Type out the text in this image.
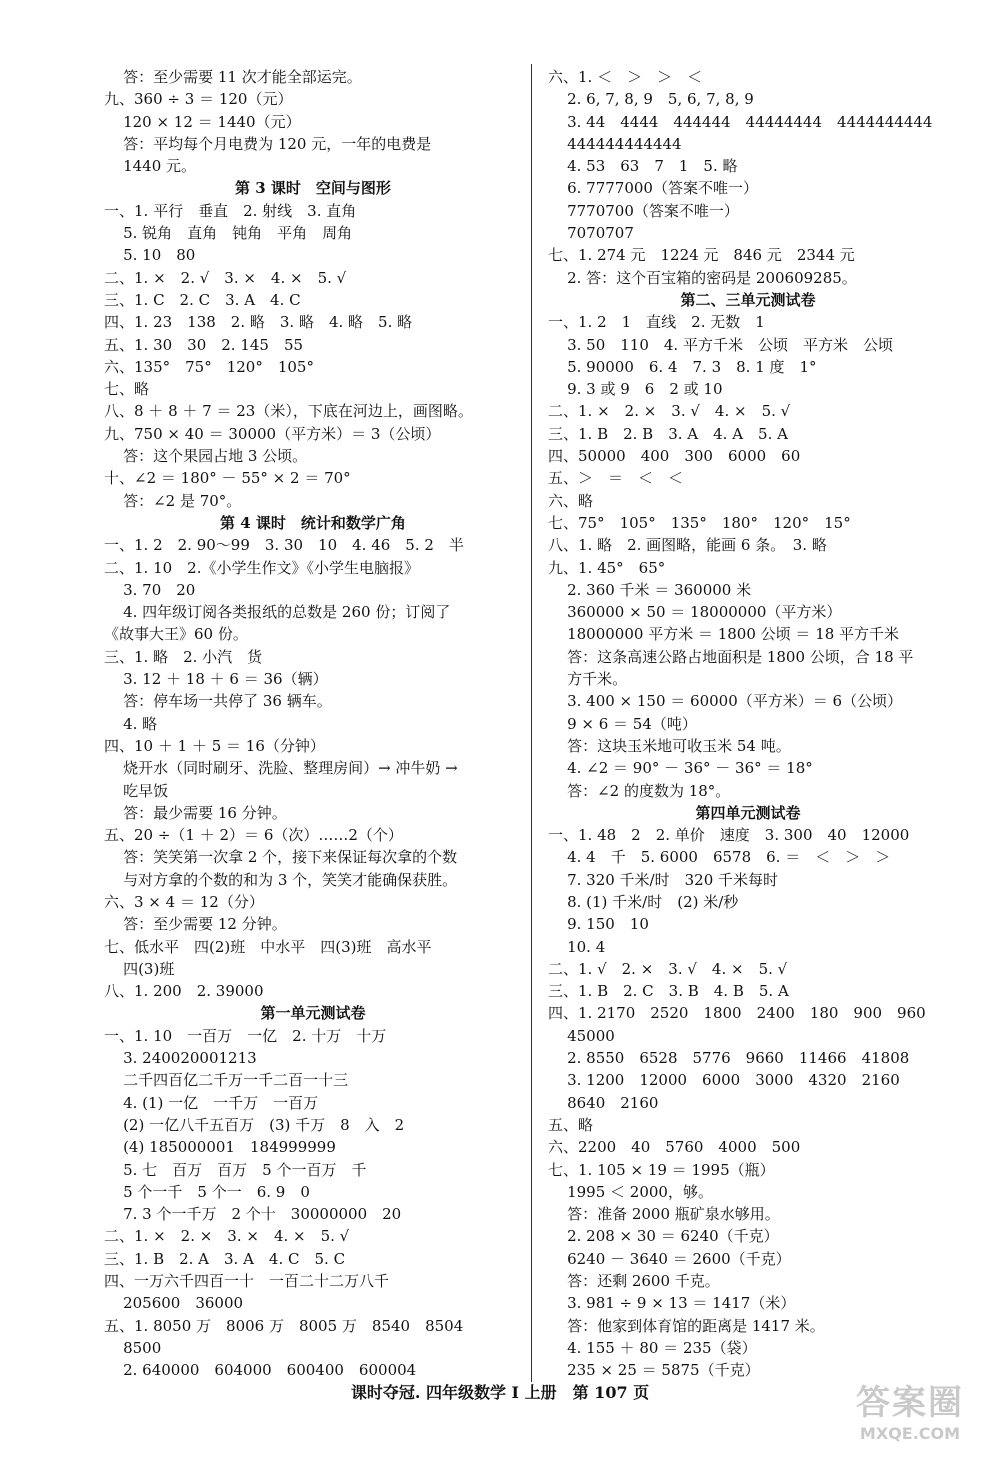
答：至少需要 11 次才能全部运完。
九、360 ÷ 3 ＝ 120（元）
120 × 12 ＝ 1440（元）
答：平均每个月电费为 120 元，一年的电费是
1440 元。
第 3 课时　空间与图形
一、1. 平行　垂直　2. 射线　3. 直角
5. 锐角　直角　钝角　平角　周角
5. 10　80
二、1. ×　2. √　3. ×　4. ×　5. √
三、1. C　2. C　3. A　4. C
四、1. 23　138　2. 略　3. 略　4. 略　5. 略
五、1. 30　30　2. 145　55
六、135°　75°　120°　105°
七、略
八、8 ＋ 8 ＋ 7 ＝ 23（米），下底在河边上，画图略。
九、750 × 40 ＝ 30000（平方米）＝ 3（公顷）
答：这个果园占地 3 公顷。
十、∠2 ＝ 180° － 55° × 2 ＝ 70°
答：∠2 是 70°。
第 4 课时　统计和数学广角
一、1. 2　2. 90～99　3. 30　10　4. 46　5. 2　半
二、1. 10　2.《小学生作文》《小学生电脑报》
3. 70　20
4. 四年级订阅各类报纸的总数是 260 份；订阅了
《故事大王》60 份。
三、1. 略　2. 小汽　货
3. 12 ＋ 18 ＋ 6 ＝ 36（辆）
答：停车场一共停了 36 辆车。
4. 略
四、10 ＋ 1 ＋ 5 ＝ 16（分钟）
烧开水（同时刷牙、洗脸、整理房间）→ 冲牛奶 →
吃早饭
答：最少需要 16 分钟。
五、20 ÷（1 ＋ 2）＝ 6（次）……2（个）
答：笑笑第一次拿 2 个，接下来保证每次拿的个数
与对方拿的个数的和为 3 个，笑笑才能确保获胜。
六、3 × 4 ＝ 12（分）
答：至少需要 12 分钟。
七、低水平　四(2)班　中水平　四(3)班　高水平
四(3)班
八、1. 200　2. 39000
第一单元测试卷
一、1. 10　一百万　一亿　2. 十万　十万
3. 240020001213
二千四百亿二千万一千二百一十三
4. (1) 一亿　一千万　一百万
(2) 一亿八千五百万　(3) 千万　8　入　2
(4) 185000001　184999999
5. 七　百万　百万　5 个一百万　千
5 个一千　5 个一　6. 9　0
7. 3 个一千万　2 个十　30000000　20
二、1. ×　2. ×　3. ×　4. ×　5. √
三、1. B　2. A　3. A　4. C　5. C
四、一万六千四百一十　一百二十二万八千
205600　36000
五、1. 8050 万　8006 万　8005 万　8540　8504
8500
2. 640000　604000　600400　600004
六、1. ＜　＞　＞　＜
2. 6, 7, 8, 9　5, 6, 7, 8, 9
3. 44　4444　444444　44444444　4444444444
444444444444
4. 53　63　7　1　5. 略
6. 7777000（答案不唯一）
7770700（答案不唯一）
7070707
七、1. 274 元　1224 元　846 元　2344 元
2. 答：这个百宝箱的密码是 200609285。
第二、三单元测试卷
一、1. 2　1　直线　2. 无数　1
3. 50　110　4. 平方千米　公顷　平方米　公顷
5. 90000　6. 4　7. 3　8. 1 度　1°
9. 3 或 9　6　2 或 10
二、1. ×　2. ×　3. √　4. ×　5. √
三、1. B　2. B　3. A　4. A　5. A
四、50000　400　300　6000　60
五、＞　＝　＜　＜
六、略
七、75°　105°　135°　180°　120°　15°
八、1. 略　2. 画图略，能画 6 条。　3. 略
九、1. 45°　65°
2. 360 千米 ＝ 360000 米
360000 × 50 ＝ 18000000（平方米）
18000000 平方米 ＝ 1800 公顷 ＝ 18 平方千米
答：这条高速公路占地面积是 1800 公顷，合 18 平
方千米。
3. 400 × 150 ＝ 60000（平方米）＝ 6（公顷）
9 × 6 ＝ 54（吨）
答：这块玉米地可收玉米 54 吨。
4. ∠2 ＝ 90° － 36° － 36° ＝ 18°
答：∠2 的度数为 18°。
第四单元测试卷
一、1. 48　2　2. 单价　速度　3. 300　40　12000
4. 4　千　5. 6000　6578　6. ＝　＜　＞　＞
7. 320 千米/时　320 千米每时
8. (1) 千米/时　(2) 米/秒
9. 150　10
10. 4
二、1. √　2. ×　3. √　4. ×　5. √
三、1. B　2. C　3. B　4. B　5. A
四、1. 2170　2520　1800　2400　180　900　960
45000
2. 8550　6528　5776　9660　11466　41808
3. 1200　12000　6000　3000　4320　2160
8640　2160
五、略
六、2200　40　5760　4000　500
七、1. 105 × 19 ＝ 1995（瓶）
1995 ＜ 2000，够。
答：准备 2000 瓶矿泉水够用。
2. 208 × 30 ＝ 6240（千克）
6240 － 3640 ＝ 2600（千克）
答：还剩 2600 千克。
3. 981 ÷ 9 × 13 ＝ 1417（米）
答：他家到体育馆的距离是 1417 米。
4. 155 ＋ 80 ＝ 235（袋）
235 × 25 ＝ 5875（千克）
课时夺冠. 四年级数学 I 上册　第 107 页	答案圈
MXQE.COM
